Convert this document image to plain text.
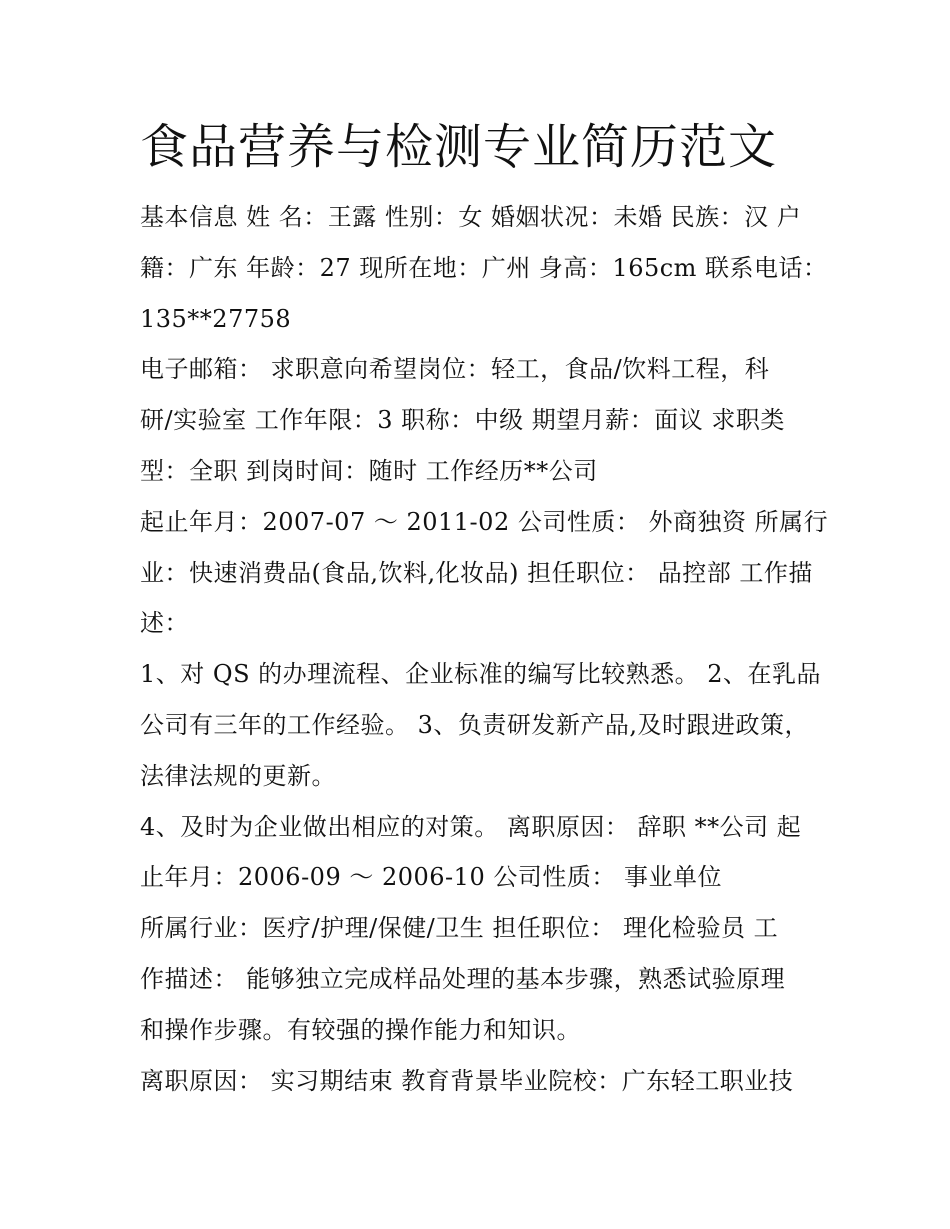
食品营养与检测专业简历范文
基本信息 姓 名：王露 性别：女 婚姻状况：未婚 民族：汉 户
籍：广东 年龄：27 现所在地：广州 身高：165cm 联系电话：
135**27758
电子邮箱： 求职意向希望岗位：轻工，食品/饮料工程，科
研/实验室 工作年限：3 职称：中级 期望月薪：面议 求职类
型：全职 到岗时间：随时 工作经历**公司
起止年月：2007-07 ～ 2011-02 公司性质： 外商独资 所属行
业：快速消费品(食品,饮料,化妆品) 担任职位： 品控部 工作描
述：
1、对 QS 的办理流程、企业标准的编写比较熟悉。 2、在乳品
公司有三年的工作经验。 3、负责研发新产品,及时跟进政策，
法律法规的更新。
4、及时为企业做出相应的对策。 离职原因： 辞职 **公司 起
止年月：2006-09 ～ 2006-10 公司性质： 事业单位
所属行业：医疗/护理/保健/卫生 担任职位： 理化检验员 工
作描述： 能够独立完成样品处理的基本步骤，熟悉试验原理
和操作步骤。有较强的操作能力和知识。
离职原因： 实习期结束 教育背景毕业院校：广东轻工职业技
